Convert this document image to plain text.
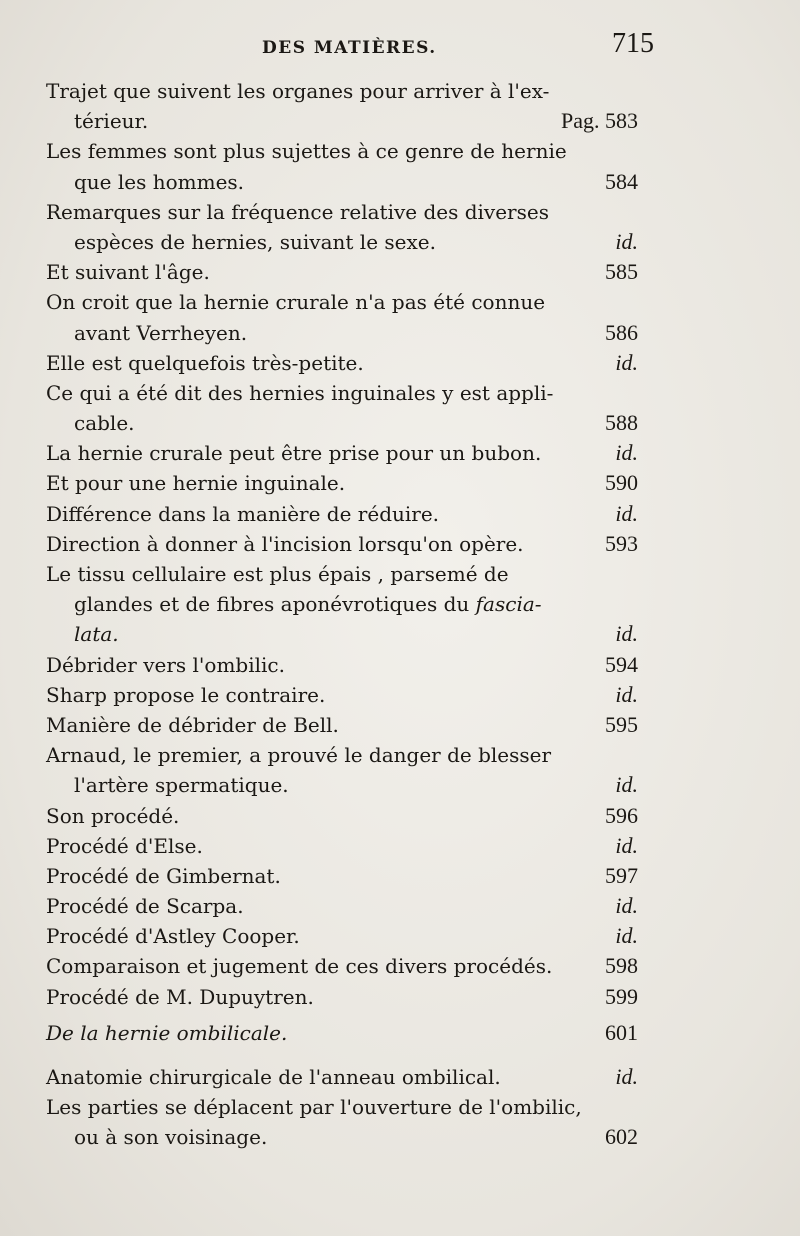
DES MATIÈRES.	715
Trajet que suivent les organes pour arriver à l'ex-
térieur.	Pag. 583
Les femmes sont plus sujettes à ce genre de hernie
que les hommes.	584
Remarques sur la fréquence relative des diverses
espèces de hernies, suivant le sexe.	id.
Et suivant l'âge.	585
On croit que la hernie crurale n'a pas été connue
avant Verrheyen.	586
Elle est quelquefois très-petite.	id.
Ce qui a été dit des hernies inguinales y est appli-
cable.	588
La hernie crurale peut être prise pour un bubon.	id.
Et pour une hernie inguinale.	590
Différence dans la manière de réduire.	id.
Direction à donner à l'incision lorsqu'on opère.	593
Le tissu cellulaire est plus épais , parsemé de
glandes et de fibres aponévrotiques du fascia-
lata.	id.
Débrider vers l'ombilic.	594
Sharp propose le contraire.	id.
Manière de débrider de Bell.	595
Arnaud, le premier, a prouvé le danger de blesser
l'artère spermatique.	id.
Son procédé.	596
Procédé d'Else.	id.
Procédé de Gimbernat.	597
Procédé de Scarpa.	id.
Procédé d'Astley Cooper.	id.
Comparaison et jugement de ces divers procédés. 598
Procédé de M. Dupuytren.	599
De la hernie ombilicale.	601
Anatomie chirurgicale de l'anneau ombilical.	id.
Les parties se déplacent par l'ouverture de l'ombilic,
ou à son voisinage.	602
